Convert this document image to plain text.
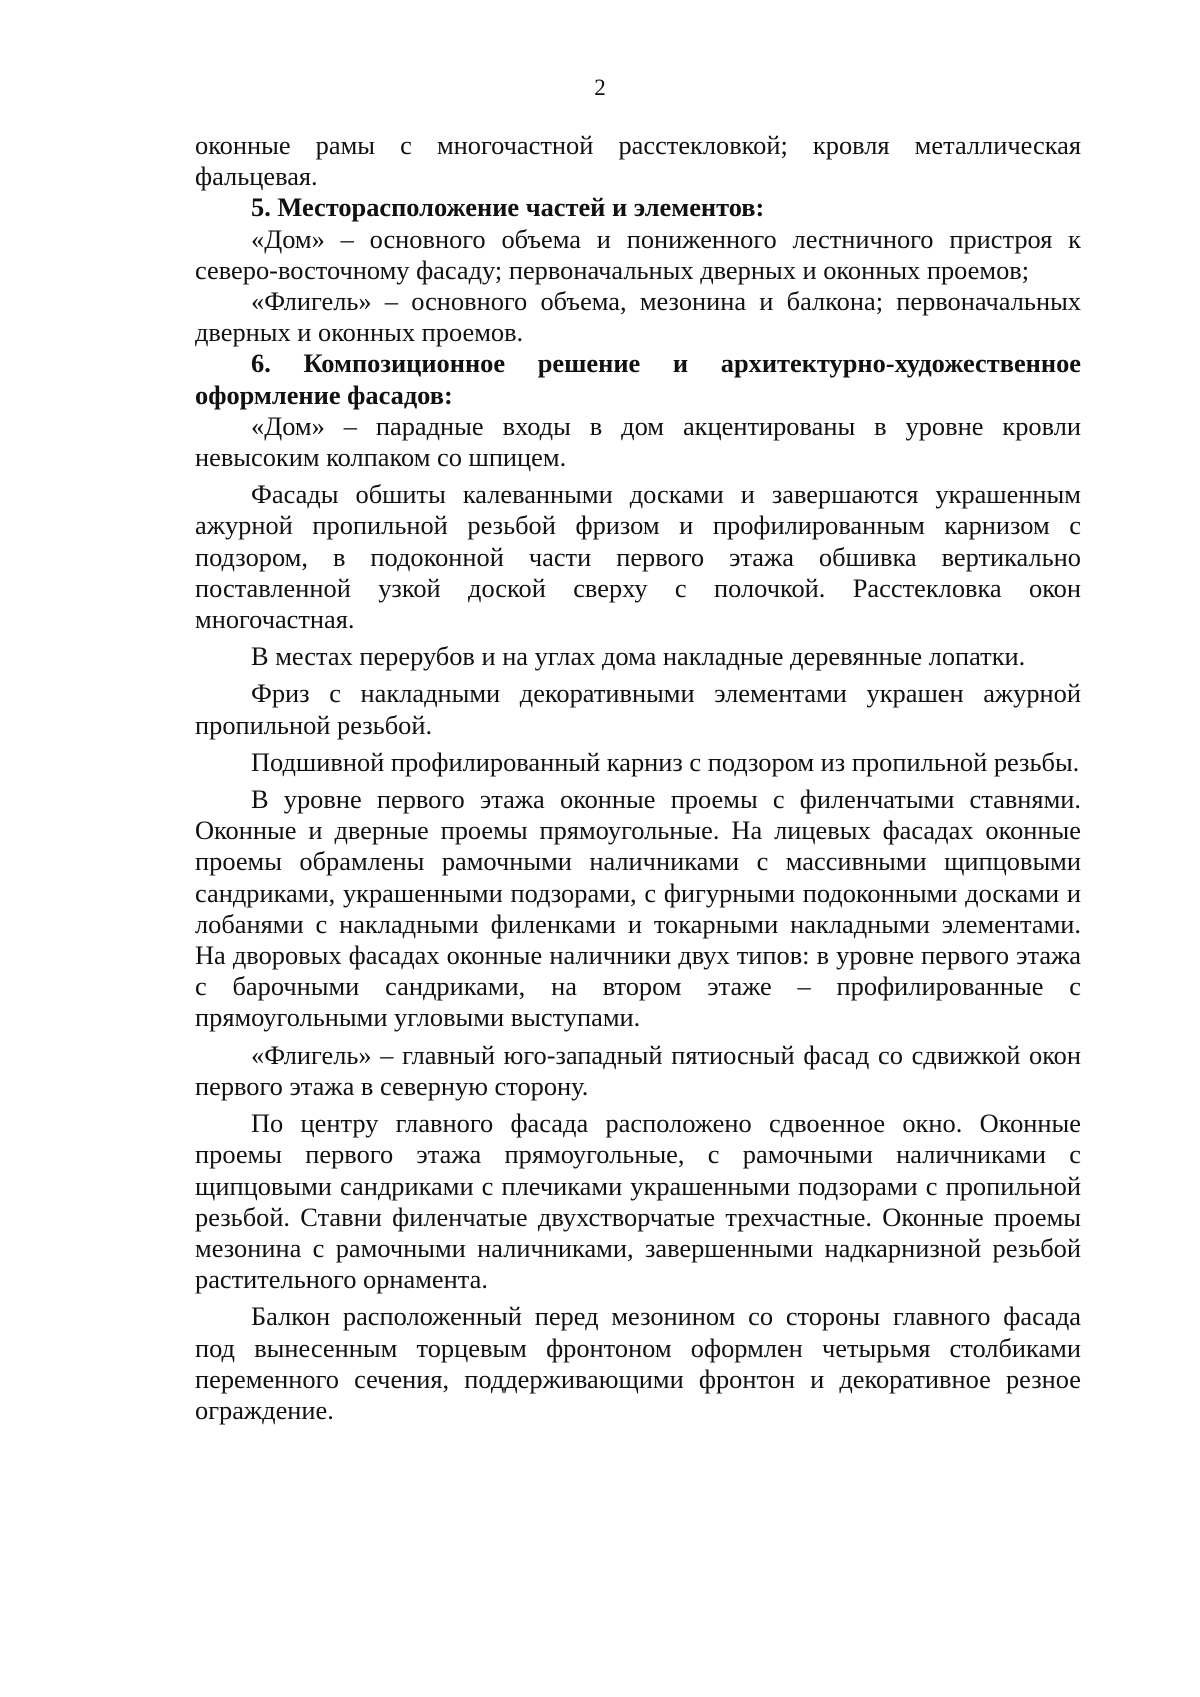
2

оконные рамы с многочастной расстекловкой; кровля металлическая фальцевая.

5. Месторасположение частей и элементов:

«Дом» – основного объема и пониженного лестничного пристроя к северо-восточному фасаду; первоначальных дверных и оконных проемов;

«Флигель» – основного объема, мезонина и балкона; первоначальных дверных и оконных проемов.

6. Композиционное решение и архитектурно-художественное оформление фасадов:

«Дом» – парадные входы в дом акцентированы в уровне кровли невысоким колпаком со шпицем.

Фасады обшиты калеванными досками и завершаются украшенным ажурной пропильной резьбой фризом и профилированным карнизом с подзором, в подоконной части первого этажа обшивка вертикально поставленной узкой доской сверху с полочкой. Расстекловка окон многочастная.

В местах перерубов и на углах дома накладные деревянные лопатки.

Фриз с накладными декоративными элементами украшен ажурной пропильной резьбой.

Подшивной профилированный карниз с подзором из пропильной резьбы.

В уровне первого этажа оконные проемы с филенчатыми ставнями. Оконные и дверные проемы прямоугольные. На лицевых фасадах оконные проемы обрамлены рамочными наличниками с массивными щипцовыми сандриками, украшенными подзорами, с фигурными подоконными досками и лобанями с накладными филенками и токарными накладными элементами. На дворовых фасадах оконные наличники двух типов: в уровне первого этажа с барочными сандриками, на втором этаже – профилированные с прямоугольными угловыми выступами.

«Флигель» – главный юго-западный пятиосный фасад со сдвижкой окон первого этажа в северную сторону.

По центру главного фасада расположено сдвоенное окно. Оконные проемы первого этажа прямоугольные, с рамочными наличниками с щипцовыми сандриками с плечиками украшенными подзорами с пропильной резьбой. Ставни филенчатые двухстворчатые трехчастные. Оконные проемы мезонина с рамочными наличниками, завершенными надкарнизной резьбой растительного орнамента.

Балкон расположенный перед мезонином со стороны главного фасада под вынесенным торцевым фронтоном оформлен четырьмя столбиками переменного сечения, поддерживающими фронтон и декоративное резное ограждение.
